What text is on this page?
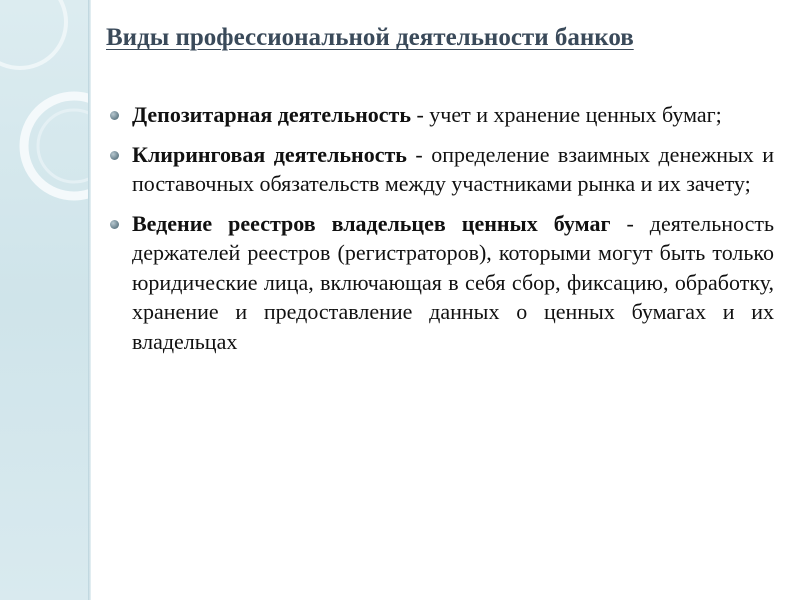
Виды профессиональной деятельности банков
Депозитарная деятельность - учет и хранение ценных бумаг;
Клиринговая деятельность - определение взаимных денежных и поставочных обязательств между участниками рынка и их зачету;
Ведение реестров владельцев ценных бумаг - деятельность держателей реестров (регистраторов), которыми могут быть только юридические лица, включающая в себя сбор, фиксацию, обработку, хранение и предоставление данных о ценных бумагах и их владельцах
